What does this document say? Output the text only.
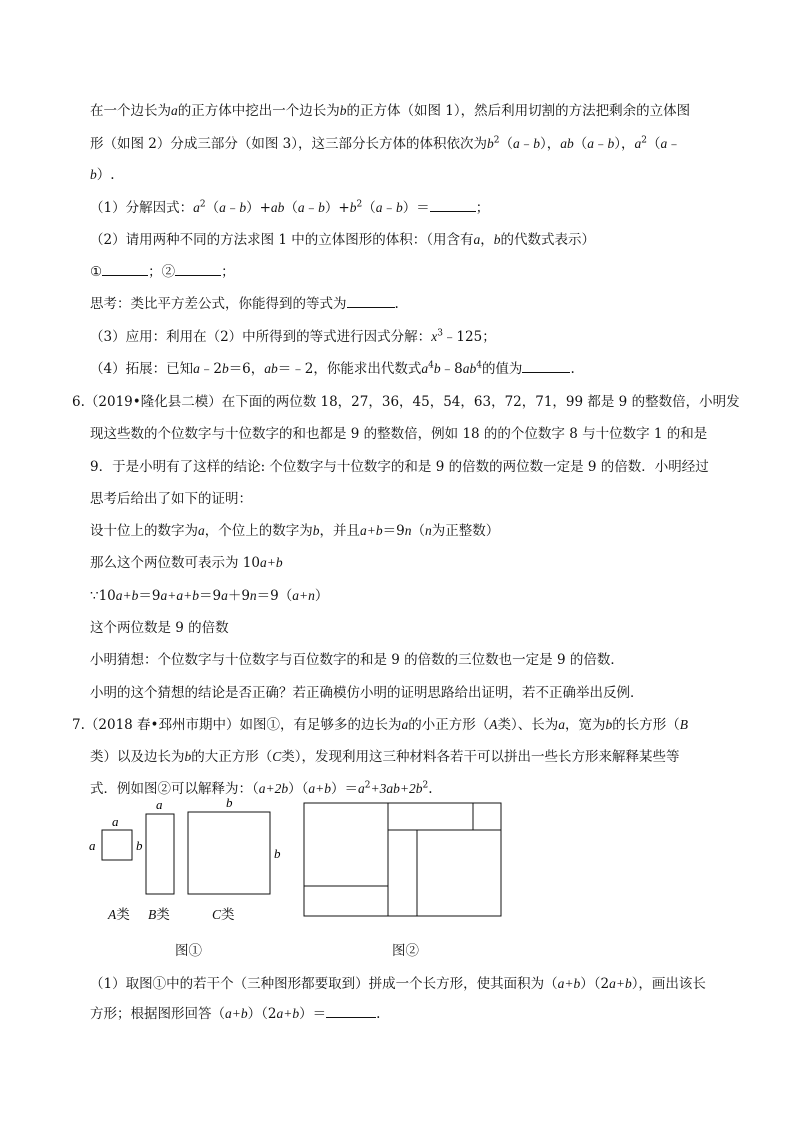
在一个边长为a的正方体中挖出一个边长为b的正方体（如图 1），然后利用切割的方法把剩余的立体图
形（如图 2）分成三部分（如图 3），这三部分长方体的体积依次为$b^2(a﹣b)$，ab（a﹣b），$a^2(a﹣$
b）.
（1）分解因式：$a^2(a﹣b)+ab(a﹣b)+b^2(a﹣b)=$	；
（2）请用两种不同的方法求图 1 中的立体图形的体积：（用含有a，b的代数式表示）
①	；②	；
思考：类比平方差公式，你能得到的等式为	.
（3）应用：利用在（2）中所得到的等式进行因式分解：$x^3﹣125$；
（4）拓展：已知a﹣2b＝6，ab＝﹣2，你能求出代数式$a^4b﹣8ab^4$的值为	.
6.（2019•隆化县二模）在下面的两位数 18，27，36，45，54，63，72，71，99 都是 9 的整数倍，小明发
现这些数的个位数字与十位数字的和也都是 9 的整数倍，例如 18 的的个位数字 8 与十位数字 1 的和是
9．于是小明有了这样的结论: 个位数字与十位数字的和是 9 的倍数的两位数一定是 9 的倍数．小明经过
思考后给出了如下的证明：
设十位上的数字为a，个位上的数字为b，并且a+b＝9n（n为正整数）
那么这个两位数可表示为 10a+b
∵10a+b＝9a+a+b＝9a＋9n＝9（a+n）
这个两位数是 9 的倍数
小明猜想：个位数字与十位数字与百位数字的和是 9 的倍数的三位数也一定是 9 的倍数．
小明的这个猜想的结论是否正确？若正确模仿小明的证明思路给出证明，若不正确举出反例．
7.（2018 春•邳州市期中）如图①，有足够多的边长为a的小正方形（A类）、长为a，宽为b的长方形（B
类）以及边长为b的大正方形（C类），发现利用这三种材料各若干可以拼出一些长方形来解释某些等
式．例如图②可以解释为：$(a+2b)(a+b)=a^2+3ab+2b^2$.
a
a
a
b
b
b
A类 B类	C类
图①	图②
（1）取图①中的若干个（三种图形都要取到）拼成一个长方形，使其面积为（a+b）（2a+b），画出该长
方形；根据图形回答（a+b）（2a+b）＝	.
